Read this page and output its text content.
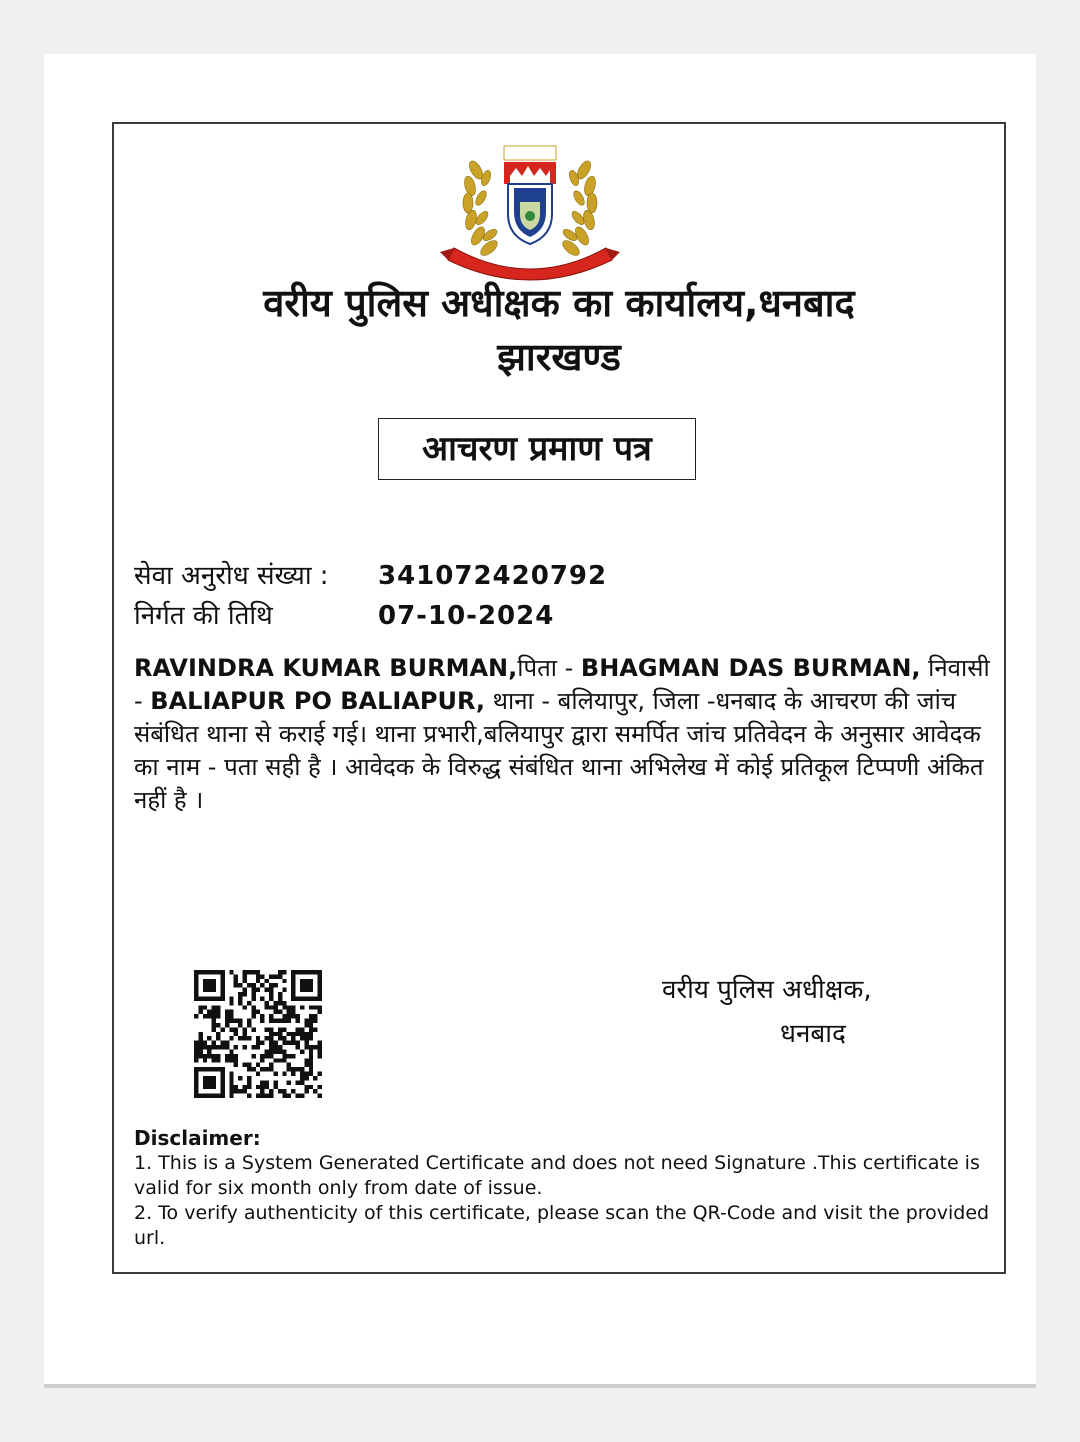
वरीय पुलिस अधीक्षक का कार्यालय,धनबाद
झारखण्ड
आचरण प्रमाण पत्र
सेवा अनुरोध संख्या :	341072420792
निर्गत की तिथि	07-10-2024
RAVINDRA KUMAR BURMAN,पिता - BHAGMAN DAS BURMAN, निवासी - BALIAPUR PO BALIAPUR, थाना - बलियापुर, जिला -धनबाद के आचरण की जांच संबंधित थाना से कराई गई। थाना प्रभारी,बलियापुर द्वारा समर्पित जांच प्रतिवेदन के अनुसार आवेदक का नाम - पता सही है । आवेदक के विरुद्ध संबंधित थाना अभिलेख में कोई प्रतिकूल टिप्पणी अंकित नहीं है ।
वरीय पुलिस अधीक्षक,
धनबाद
Disclaimer:

1. This is a System Generated Certificate and does not need Signature .This certificate is valid for six month only from date of issue.

2. To verify authenticity of this certificate, please scan the QR-Code and visit the provided url.
